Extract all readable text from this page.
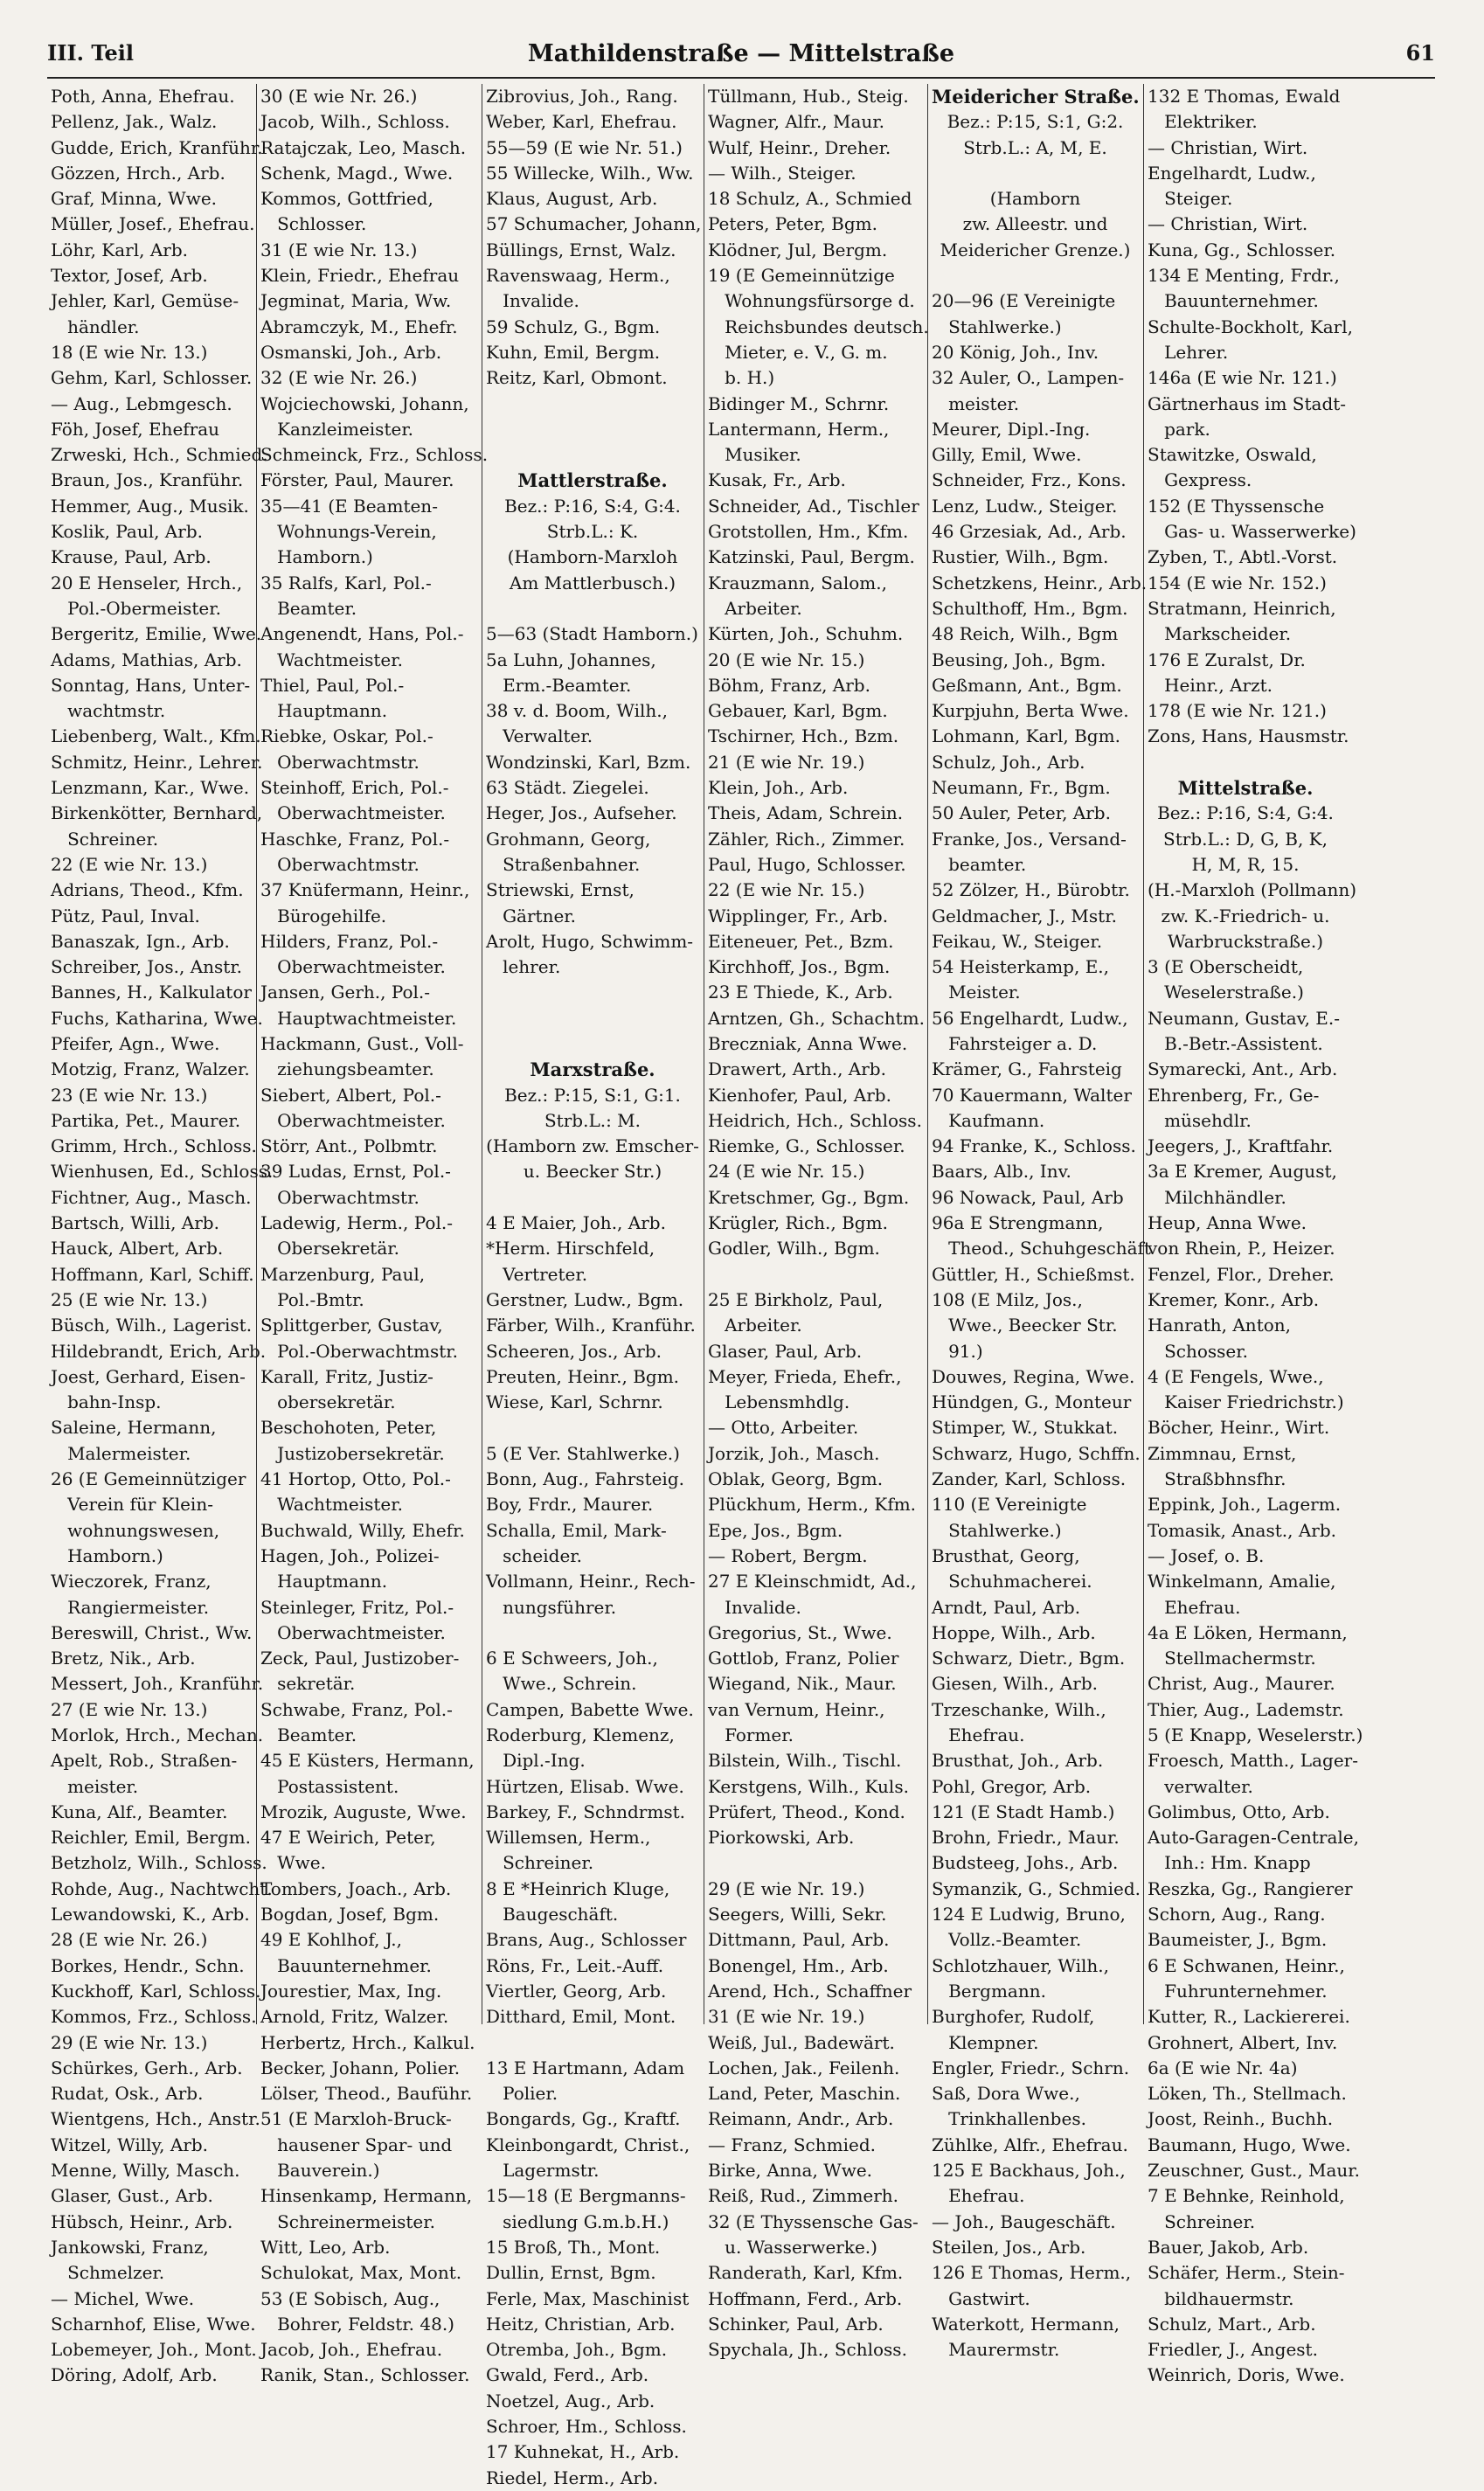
III. Teil	Mathildenstraße — Mittelstraße	61
Poth, Anna, Ehefrau.
Pellenz, Jak., Walz.
Gudde, Erich, Kranführ.
Gözzen, Hrch., Arb.
Graf, Minna, Wwe.
Müller, Josef., Ehefrau.
Löhr, Karl, Arb.
Textor, Josef, Arb.
Jehler, Karl, Gemüse-
händler.
18 (E wie Nr. 13.)
Gehm, Karl, Schlosser.
— Aug., Lebmgesch.
Föh, Josef, Ehefrau
Zrweski, Hch., Schmied.
Braun, Jos., Kranführ.
Hemmer, Aug., Musik.
Koslik, Paul, Arb.
Krause, Paul, Arb.
20 E Henseler, Hrch.,
Pol.-Obermeister.
Bergeritz, Emilie, Wwe.
Adams, Mathias, Arb.
Sonntag, Hans, Unter-
wachtmstr.
Liebenberg, Walt., Kfm.
Schmitz, Heinr., Lehrer.
Lenzmann, Kar., Wwe.
Birkenkötter, Bernhard,
Schreiner.
22 (E wie Nr. 13.)
Adrians, Theod., Kfm.
Pütz, Paul, Inval.
Banaszak, Ign., Arb.
Schreiber, Jos., Anstr.
Bannes, H., Kalkulator
Fuchs, Katharina, Wwe.
Pfeifer, Agn., Wwe.
Motzig, Franz, Walzer.
23 (E wie Nr. 13.)
Partika, Pet., Maurer.
Grimm, Hrch., Schloss.
Wienhusen, Ed., Schloss.
Fichtner, Aug., Masch.
Bartsch, Willi, Arb.
Hauck, Albert, Arb.
Hoffmann, Karl, Schiff.
25 (E wie Nr. 13.)
Büsch, Wilh., Lagerist.
Hildebrandt, Erich, Arb.
Joest, Gerhard, Eisen-
bahn-Insp.
Saleine, Hermann,
Malermeister.
26 (E Gemeinnütziger
Verein für Klein-
wohnungswesen,
Hamborn.)
Wieczorek, Franz,
Rangiermeister.
Bereswill, Christ., Ww.
Bretz, Nik., Arb.
Messert, Joh., Kranführ.
27 (E wie Nr. 13.)
Morlok, Hrch., Mechan.
Apelt, Rob., Straßen-
meister.
Kuna, Alf., Beamter.
Reichler, Emil, Bergm.
Betzholz, Wilh., Schloss.
Rohde, Aug., Nachtwcht.
Lewandowski, K., Arb.
28 (E wie Nr. 26.)
Borkes, Hendr., Schn.
Kuckhoff, Karl, Schloss.
Kommos, Frz., Schloss.
29 (E wie Nr. 13.)
Schürkes, Gerh., Arb.
Rudat, Osk., Arb.
Wientgens, Hch., Anstr.
Witzel, Willy, Arb.
Menne, Willy, Masch.
Glaser, Gust., Arb.
Hübsch, Heinr., Arb.
Jankowski, Franz,
Schmelzer.
— Michel, Wwe.
Scharnhof, Elise, Wwe.
Lobemeyer, Joh., Mont.
Döring, Adolf, Arb.
30 (E wie Nr. 26.)
Jacob, Wilh., Schloss.
Ratajczak, Leo, Masch.
Schenk, Magd., Wwe.
Kommos, Gottfried,
Schlosser.
31 (E wie Nr. 13.)
Klein, Friedr., Ehefrau
Jegminat, Maria, Ww.
Abramczyk, M., Ehefr.
Osmanski, Joh., Arb.
32 (E wie Nr. 26.)
Wojciechowski, Johann,
Kanzleimeister.
Schmeinck, Frz., Schloss.
Förster, Paul, Maurer.
35—41 (E Beamten-
Wohnungs-Verein,
Hamborn.)
35 Ralfs, Karl, Pol.-
Beamter.
Angenendt, Hans, Pol.-
Wachtmeister.
Thiel, Paul, Pol.-
Hauptmann.
Riebke, Oskar, Pol.-
Oberwachtmstr.
Steinhoff, Erich, Pol.-
Oberwachtmeister.
Haschke, Franz, Pol.-
Oberwachtmstr.
37 Knüfermann, Heinr.,
Bürogehilfe.
Hilders, Franz, Pol.-
Oberwachtmeister.
Jansen, Gerh., Pol.-
Hauptwachtmeister.
Hackmann, Gust., Voll-
ziehungsbeamter.
Siebert, Albert, Pol.-
Oberwachtmeister.
Störr, Ant., Polbmtr.
39 Ludas, Ernst, Pol.-
Oberwachtmstr.
Ladewig, Herm., Pol.-
Obersekretär.
Marzenburg, Paul,
Pol.-Bmtr.
Splittgerber, Gustav,
Pol.-Oberwachtmstr.
Karall, Fritz, Justiz-
obersekretär.
Beschohoten, Peter,
Justizobersekretär.
41 Hortop, Otto, Pol.-
Wachtmeister.
Buchwald, Willy, Ehefr.
Hagen, Joh., Polizei-
Hauptmann.
Steinleger, Fritz, Pol.-
Oberwachtmeister.
Zeck, Paul, Justizober-
sekretär.
Schwabe, Franz, Pol.-
Beamter.
45 E Küsters, Hermann,
Postassistent.
Mrozik, Auguste, Wwe.
47 E Weirich, Peter,
Wwe.
Tombers, Joach., Arb.
Bogdan, Josef, Bgm.
49 E Kohlhof, J.,
Bauunternehmer.
Jourestier, Max, Ing.
Arnold, Fritz, Walzer.
Herbertz, Hrch., Kalkul.
Becker, Johann, Polier.
Lölser, Theod., Bauführ.
51 (E Marxloh-Bruck-
hausener Spar- und
Bauverein.)
Hinsenkamp, Hermann,
Schreinermeister.
Witt, Leo, Arb.
Schulokat, Max, Mont.
53 (E Sobisch, Aug.,
Bohrer, Feldstr. 48.)
Jacob, Joh., Ehefrau.
Ranik, Stan., Schlosser.
Zibrovius, Joh., Rang.
Weber, Karl, Ehefrau.
55—59 (E wie Nr. 51.)
55 Willecke, Wilh., Ww.
Klaus, August, Arb.
57 Schumacher, Johann,
Büllings, Ernst, Walz.
Ravenswaag, Herm.,
Invalide.
59 Schulz, G., Bgm.
Kuhn, Emil, Bergm.
Reitz, Karl, Obmont.
Mattlerstraße.
Bez.: P:16, S:4, G:4.
Strb.L.: K.
(Hamborn-Marxloh
Am Mattlerbusch.)
5—63 (Stadt Hamborn.)
5a Luhn, Johannes,
Erm.-Beamter.
38 v. d. Boom, Wilh.,
Verwalter.
Wondzinski, Karl, Bzm.
63 Städt. Ziegelei.
Heger, Jos., Aufseher.
Grohmann, Georg,
Straßenbahner.
Striewski, Ernst,
Gärtner.
Arolt, Hugo, Schwimm-
lehrer.
Marxstraße.
Bez.: P:15, S:1, G:1.
Strb.L.: M.
(Hamborn zw. Emscher-
u. Beecker Str.)
4 E Maier, Joh., Arb.
*Herm. Hirschfeld,
Vertreter.
Gerstner, Ludw., Bgm.
Färber, Wilh., Kranführ.
Scheeren, Jos., Arb.
Preuten, Heinr., Bgm.
Wiese, Karl, Schrnr.
5 (E Ver. Stahlwerke.)
Bonn, Aug., Fahrsteig.
Boy, Frdr., Maurer.
Schalla, Emil, Mark-
scheider.
Vollmann, Heinr., Rech-
nungsführer.
6 E Schweers, Joh.,
Wwe., Schrein.
Campen, Babette Wwe.
Roderburg, Klemenz,
Dipl.-Ing.
Hürtzen, Elisab. Wwe.
Barkey, F., Schndrmst.
Willemsen, Herm.,
Schreiner.
8 E *Heinrich Kluge,
Baugeschäft.
Brans, Aug., Schlosser
Röns, Fr., Leit.-Auff.
Viertler, Georg, Arb.
Ditthard, Emil, Mont.
13 E Hartmann, Adam
Polier.
Bongards, Gg., Kraftf.
Kleinbongardt, Christ.,
Lagermstr.
15—18 (E Bergmanns-
siedlung G.m.b.H.)
15 Broß, Th., Mont.
Dullin, Ernst, Bgm.
Ferle, Max, Maschinist
Heitz, Christian, Arb.
Otremba, Joh., Bgm.
Gwald, Ferd., Arb.
Noetzel, Aug., Arb.
Schroer, Hm., Schloss.
17 Kuhnekat, H., Arb.
Riedel, Herm., Arb.
Tüllmann, Hub., Steig.
Wagner, Alfr., Maur.
Wulf, Heinr., Dreher.
— Wilh., Steiger.
18 Schulz, A., Schmied
Peters, Peter, Bgm.
Klödner, Jul, Bergm.
19 (E Gemeinnützige
Wohnungsfürsorge d.
Reichsbundes deutsch.
Mieter, e. V., G. m.
b. H.)
Bidinger M., Schrnr.
Lantermann, Herm.,
Musiker.
Kusak, Fr., Arb.
Schneider, Ad., Tischler
Grotstollen, Hm., Kfm.
Katzinski, Paul, Bergm.
Krauzmann, Salom.,
Arbeiter.
Kürten, Joh., Schuhm.
20 (E wie Nr. 15.)
Böhm, Franz, Arb.
Gebauer, Karl, Bgm.
Tschirner, Hch., Bzm.
21 (E wie Nr. 19.)
Klein, Joh., Arb.
Theis, Adam, Schrein.
Zähler, Rich., Zimmer.
Paul, Hugo, Schlosser.
22 (E wie Nr. 15.)
Wipplinger, Fr., Arb.
Eiteneuer, Pet., Bzm.
Kirchhoff, Jos., Bgm.
23 E Thiede, K., Arb.
Arntzen, Gh., Schachtm.
Breczniak, Anna Wwe.
Drawert, Arth., Arb.
Kienhofer, Paul, Arb.
Heidrich, Hch., Schloss.
Riemke, G., Schlosser.
24 (E wie Nr. 15.)
Kretschmer, Gg., Bgm.
Krügler, Rich., Bgm.
Godler, Wilh., Bgm.
25 E Birkholz, Paul,
Arbeiter.
Glaser, Paul, Arb.
Meyer, Frieda, Ehefr.,
Lebensmhdlg.
— Otto, Arbeiter.
Jorzik, Joh., Masch.
Oblak, Georg, Bgm.
Plückhum, Herm., Kfm.
Epe, Jos., Bgm.
— Robert, Bergm.
27 E Kleinschmidt, Ad.,
Invalide.
Gregorius, St., Wwe.
Gottlob, Franz, Polier
Wiegand, Nik., Maur.
van Vernum, Heinr.,
Former.
Bilstein, Wilh., Tischl.
Kerstgens, Wilh., Kuls.
Prüfert, Theod., Kond.
Piorkowski, Arb.
29 (E wie Nr. 19.)
Seegers, Willi, Sekr.
Dittmann, Paul, Arb.
Bonengel, Hm., Arb.
Arend, Hch., Schaffner
31 (E wie Nr. 19.)
Weiß, Jul., Badewärt.
Lochen, Jak., Feilenh.
Land, Peter, Maschin.
Reimann, Andr., Arb.
— Franz, Schmied.
Birke, Anna, Wwe.
Reiß, Rud., Zimmerh.
32 (E Thyssensche Gas-
u. Wasserwerke.)
Randerath, Karl, Kfm.
Hoffmann, Ferd., Arb.
Schinker, Paul, Arb.
Spychala, Jh., Schloss.
Meidericher Straße.
Bez.: P:15, S:1, G:2.
Strb.L.: A, M, E.
(Hamborn
zw. Alleestr. und
Meidericher Grenze.)
20—96 (E Vereinigte
Stahlwerke.)
20 König, Joh., Inv.
32 Auler, O., Lampen-
meister.
Meurer, Dipl.-Ing.
Gilly, Emil, Wwe.
Schneider, Frz., Kons.
Lenz, Ludw., Steiger.
46 Grzesiak, Ad., Arb.
Rustier, Wilh., Bgm.
Schetzkens, Heinr., Arb.
Schulthoff, Hm., Bgm.
48 Reich, Wilh., Bgm
Beusing, Joh., Bgm.
Geßmann, Ant., Bgm.
Kurpjuhn, Berta Wwe.
Lohmann, Karl, Bgm.
Schulz, Joh., Arb.
Neumann, Fr., Bgm.
50 Auler, Peter, Arb.
Franke, Jos., Versand-
beamter.
52 Zölzer, H., Bürobtr.
Geldmacher, J., Mstr.
Feikau, W., Steiger.
54 Heisterkamp, E.,
Meister.
56 Engelhardt, Ludw.,
Fahrsteiger a. D.
Krämer, G., Fahrsteig
70 Kauermann, Walter
Kaufmann.
94 Franke, K., Schloss.
Baars, Alb., Inv.
96 Nowack, Paul, Arb
96a E Strengmann,
Theod., Schuhgeschäft
Güttler, H., Schießmst.
108 (E Milz, Jos.,
Wwe., Beecker Str.
91.)
Douwes, Regina, Wwe.
Hündgen, G., Monteur
Stimper, W., Stukkat.
Schwarz, Hugo, Schffn.
Zander, Karl, Schloss.
110 (E Vereinigte
Stahlwerke.)
Brusthat, Georg,
Schuhmacherei.
Arndt, Paul, Arb.
Hoppe, Wilh., Arb.
Schwarz, Dietr., Bgm.
Giesen, Wilh., Arb.
Trzeschanke, Wilh.,
Ehefrau.
Brusthat, Joh., Arb.
Pohl, Gregor, Arb.
121 (E Stadt Hamb.)
Brohn, Friedr., Maur.
Budsteeg, Johs., Arb.
Symanzik, G., Schmied.
124 E Ludwig, Bruno,
Vollz.-Beamter.
Schlotzhauer, Wilh.,
Bergmann.
Burghofer, Rudolf,
Klempner.
Engler, Friedr., Schrn.
Saß, Dora Wwe.,
Trinkhallenbes.
Zühlke, Alfr., Ehefrau.
125 E Backhaus, Joh.,
Ehefrau.
— Joh., Baugeschäft.
Steilen, Jos., Arb.
126 E Thomas, Herm.,
Gastwirt.
Waterkott, Hermann,
Maurermstr.
132 E Thomas, Ewald
Elektriker.
— Christian, Wirt.
Engelhardt, Ludw.,
Steiger.
— Christian, Wirt.
Kuna, Gg., Schlosser.
134 E Menting, Frdr.,
Bauunternehmer.
Schulte-Bockholt, Karl,
Lehrer.
146a (E wie Nr. 121.)
Gärtnerhaus im Stadt-
park.
Stawitzke, Oswald,
Gexpress.
152 (E Thyssensche
Gas- u. Wasserwerke)
Zyben, T., Abtl.-Vorst.
154 (E wie Nr. 152.)
Stratmann, Heinrich,
Markscheider.
176 E Zuralst, Dr.
Heinr., Arzt.
178 (E wie Nr. 121.)
Zons, Hans, Hausmstr.
Mittelstraße.
Bez.: P:16, S:4, G:4.
Strb.L.: D, G, B, K,
H, M, R, 15.
(H.-Marxloh (Pollmann)
zw. K.-Friedrich- u.
Warbruckstraße.)
3 (E Oberscheidt,
Weselerstraße.)
Neumann, Gustav, E.-
B.-Betr.-Assistent.
Symarecki, Ant., Arb.
Ehrenberg, Fr., Ge-
müsehdlr.
Jeegers, J., Kraftfahr.
3a E Kremer, August,
Milchhändler.
Heup, Anna Wwe.
von Rhein, P., Heizer.
Fenzel, Flor., Dreher.
Kremer, Konr., Arb.
Hanrath, Anton,
Schosser.
4 (E Fengels, Wwe.,
Kaiser Friedrichstr.)
Böcher, Heinr., Wirt.
Zimmnau, Ernst,
Straßbhnsfhr.
Eppink, Joh., Lagerm.
Tomasik, Anast., Arb.
— Josef, o. B.
Winkelmann, Amalie,
Ehefrau.
4a E Löken, Hermann,
Stellmachermstr.
Christ, Aug., Maurer.
Thier, Aug., Lademstr.
5 (E Knapp, Weselerstr.)
Froesch, Matth., Lager-
verwalter.
Golimbus, Otto, Arb.
Auto-Garagen-Centrale,
Inh.: Hm. Knapp
Reszka, Gg., Rangierer
Schorn, Aug., Rang.
Baumeister, J., Bgm.
6 E Schwanen, Heinr.,
Fuhrunternehmer.
Kutter, R., Lackiererei.
Grohnert, Albert, Inv.
6a (E wie Nr. 4a)
Löken, Th., Stellmach.
Joost, Reinh., Buchh.
Baumann, Hugo, Wwe.
Zeuschner, Gust., Maur.
7 E Behnke, Reinhold,
Schreiner.
Bauer, Jakob, Arb.
Schäfer, Herm., Stein-
bildhauermstr.
Schulz, Mart., Arb.
Friedler, J., Angest.
Weinrich, Doris, Wwe.
